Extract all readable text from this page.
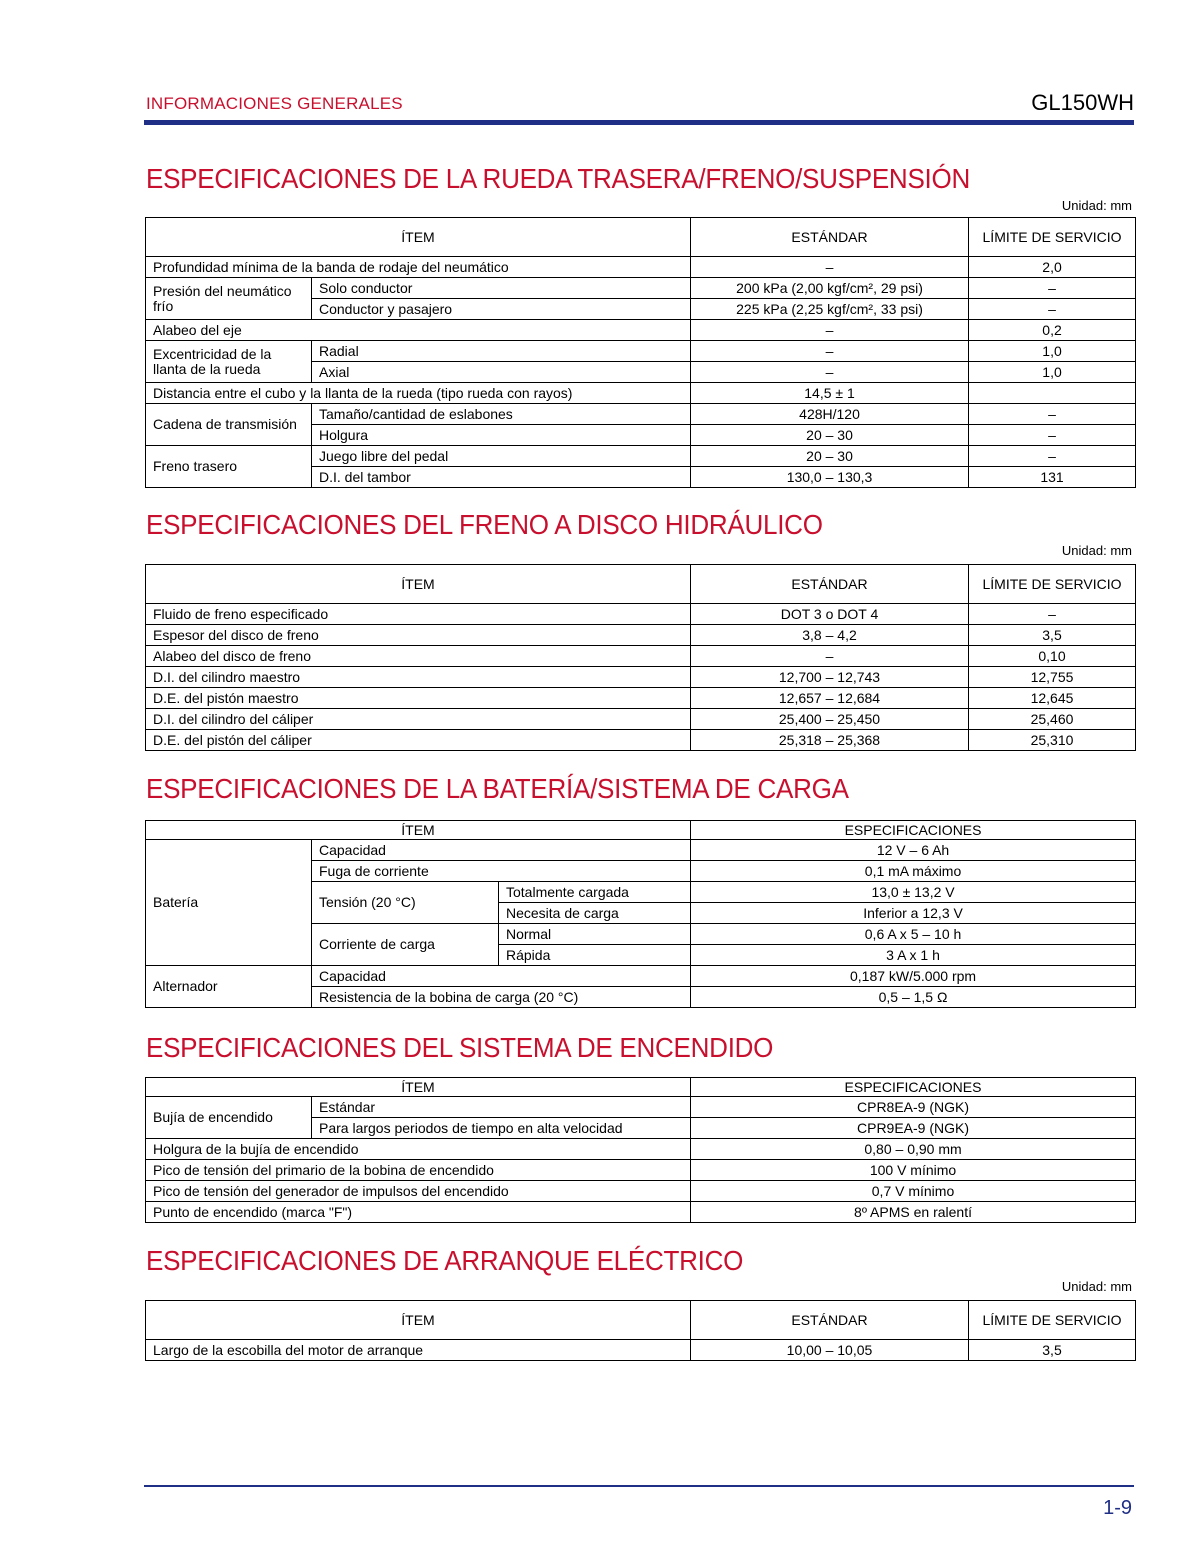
INFORMACIONES GENERALES	GL150WH
ESPECIFICACIONES DE LA RUEDA TRASERA/FRENO/SUSPENSIÓN
Unidad: mm
ÍTEM		ESTÁNDAR	LÍMITE DE SERVICIO
Profundidad mínima de la banda de rodaje del neumático		–	2,0
Presión del neumático frío	Solo conductor	200 kPa (2,00 kgf/cm², 29 psi)	–
	Conductor y pasajero	225 kPa (2,25 kgf/cm², 33 psi)	–
Alabeo del eje		–	0,2
Excentricidad de la llanta de la rueda	Radial	–	1,0
	Axial	–	1,0
Distancia entre el cubo y la llanta de la rueda (tipo rueda con rayos)		14,5 ± 1	
Cadena de transmisión	Tamaño/cantidad de eslabones	428H/120	–
	Holgura	20 – 30	–
Freno trasero	Juego libre del pedal	20 – 30	–
	D.I. del tambor	130,0 – 130,3	131
ESPECIFICACIONES DEL FRENO A DISCO HIDRÁULICO
Unidad: mm
ÍTEM	ESTÁNDAR	LÍMITE DE SERVICIO
Fluido de freno especificado	DOT 3 o DOT 4	–
Espesor del disco de freno	3,8 – 4,2	3,5
Alabeo del disco de freno	–	0,10
D.I. del cilindro maestro	12,700 – 12,743	12,755
D.E. del pistón maestro	12,657 – 12,684	12,645
D.I. del cilindro del cáliper	25,400 – 25,450	25,460
D.E. del pistón del cáliper	25,318 – 25,368	25,310
ESPECIFICACIONES DE LA BATERÍA/SISTEMA DE CARGA
ÍTEM			ESPECIFICACIONES
Batería	Capacidad		12 V – 6 Ah
	Fuga de corriente		0,1 mA máximo
	Tensión (20 °C)	Totalmente cargada	13,0 ± 13,2 V
		Necesita de carga	Inferior a 12,3 V
	Corriente de carga	Normal	0,6 A x 5 – 10 h
		Rápida	3 A x 1 h
Alternador	Capacidad		0,187 kW/5.000 rpm
	Resistencia de la bobina de carga (20 °C)		0,5 – 1,5 Ω
ESPECIFICACIONES DEL SISTEMA DE ENCENDIDO
ÍTEM		ESPECIFICACIONES
Bujía de encendido	Estándar	CPR8EA-9 (NGK)
	Para largos periodos de tiempo en alta velocidad	CPR9EA-9 (NGK)
Holgura de la bujía de encendido		0,80 – 0,90 mm
Pico de tensión del primario de la bobina de encendido		100 V mínimo
Pico de tensión del generador de impulsos del encendido		0,7 V mínimo
Punto de encendido (marca "F")		8º APMS en ralentí
ESPECIFICACIONES DE ARRANQUE ELÉCTRICO
Unidad: mm
ÍTEM	ESTÁNDAR	LÍMITE DE SERVICIO
Largo de la escobilla del motor de arranque	10,00 – 10,05	3,5
1-9
